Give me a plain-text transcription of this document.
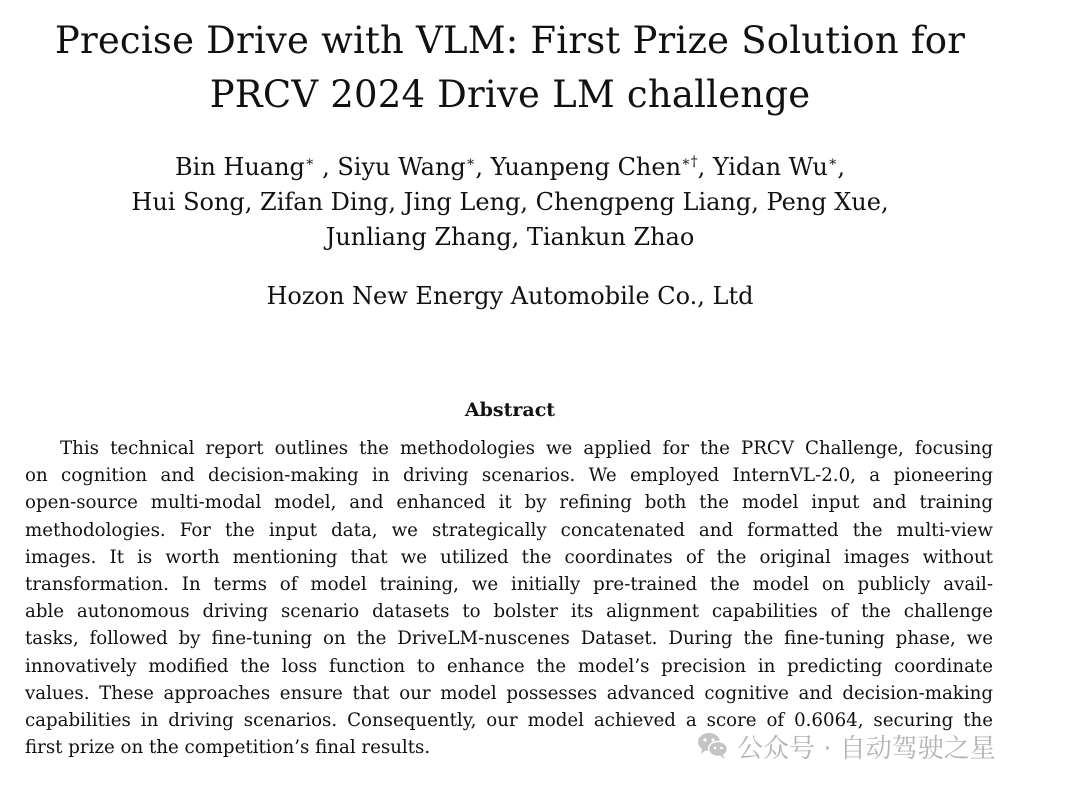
Precise Drive with VLM: First Prize Solution for
PRCV 2024 Drive LM challenge
Bin Huang∗ , Siyu Wang∗, Yuanpeng Chen∗†, Yidan Wu∗,
Hui Song, Zifan Ding, Jing Leng, Chengpeng Liang, Peng Xue,
Junliang Zhang, Tiankun Zhao
Hozon New Energy Automobile Co., Ltd
Abstract
This technical report outlines the methodologies we applied for the PRCV Challenge, focusing
on cognition and decision-making in driving scenarios. We employed InternVL-2.0, a pioneering
open-source multi-modal model, and enhanced it by refining both the model input and training
methodologies. For the input data, we strategically concatenated and formatted the multi-view
images. It is worth mentioning that we utilized the coordinates of the original images without
transformation. In terms of model training, we initially pre-trained the model on publicly avail-
able autonomous driving scenario datasets to bolster its alignment capabilities of the challenge
tasks, followed by fine-tuning on the DriveLM-nuscenes Dataset. During the fine-tuning phase, we
innovatively modified the loss function to enhance the model’s precision in predicting coordinate
values. These approaches ensure that our model possesses advanced cognitive and decision-making
capabilities in driving scenarios. Consequently, our model achieved a score of 0.6064, securing the
first prize on the competition’s final results.	公众号 · 自动驾驶之星
